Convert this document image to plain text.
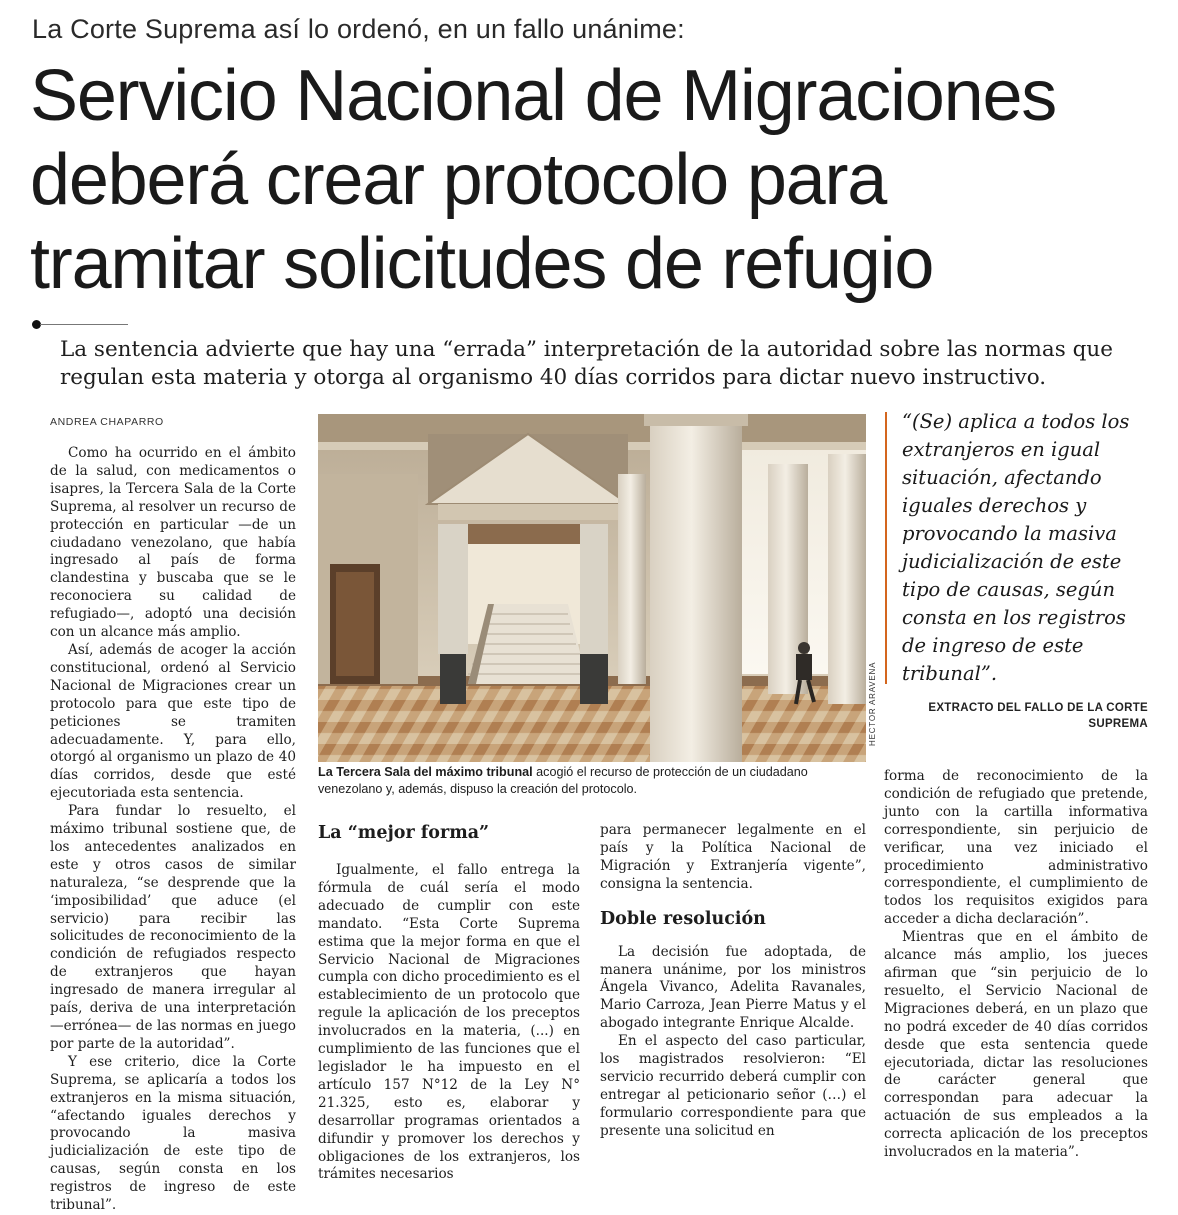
La Corte Suprema así lo ordenó, en un fallo unánime:
Servicio Nacional de Migraciones
deberá crear protocolo para
tramitar solicitudes de refugio
La sentencia advierte que hay una “errada” interpretación de la autoridad sobre las normas que
regulan esta materia y otorga al organismo 40 días corridos para dictar nuevo instructivo.
ANDREA CHAPARRO

Como ha ocurrido en el ámbito de la salud, con medicamentos o isapres, la Tercera Sala de la Corte Suprema, al resolver un recurso de protección en particular —de un ciudadano venezolano, que había ingresado al país de forma clandestina y buscaba que se le reconociera su calidad de refugiado—, adoptó una decisión con un alcance más amplio.

Así, además de acoger la acción constitucional, ordenó al Servicio Nacional de Migraciones crear un protocolo para que este tipo de peticiones se tramiten adecuadamente. Y, para ello, otorgó al organismo un plazo de 40 días corridos, desde que esté ejecutoriada esta sentencia.

Para fundar lo resuelto, el máximo tribunal sostiene que, de los antecedentes analizados en este y otros casos de similar naturaleza, “se desprende que la ‘imposibilidad’ que aduce (el servicio) para recibir las solicitudes de reconocimiento de la condición de refugiados respecto de extranjeros que hayan ingresado de manera irregular al país, deriva de una interpretación —errónea— de las normas en juego por parte de la autoridad”.

Y ese criterio, dice la Corte Suprema, se aplicaría a todos los extranjeros en la misma situación, “afectando iguales derechos y provocando la masiva judicialización de este tipo de causas, según consta en los registros de ingreso de este tribunal”.

HECTOR ARAVENA
La Tercera Sala del máximo tribunal acogió el recurso de protección de un ciudadano venezolano y, además, dispuso la creación del protocolo.
“(Se) aplica a todos los
extranjeros en igual
situación, afectando
iguales derechos y
provocando la masiva
judicialización de este
tipo de causas, según
consta en los registros
de ingreso de este
tribunal”.
EXTRACTO DEL FALLO DE LA CORTE SUPREMA
La “mejor forma”

Igualmente, el fallo entrega la fórmula de cuál sería el modo adecuado de cumplir con este mandato. “Esta Corte Suprema estima que la mejor forma en que el Servicio Nacional de Migraciones cumpla con dicho procedimiento es el establecimiento de un protocolo que regule la aplicación de los preceptos involucrados en la materia, (...) en cumplimiento de las funciones que el legislador le ha impuesto en el artículo 157 N°12 de la Ley N° 21.325, esto es, elaborar y desarrollar programas orientados a difundir y promover los derechos y obligaciones de los extranjeros, los trámites necesarios

para permanecer legalmente en el país y la Política Nacional de Migración y Extranjería vigente”, consigna la sentencia.

Doble resolución

La decisión fue adoptada, de manera unánime, por los ministros Ángela Vivanco, Adelita Ravanales, Mario Carroza, Jean Pierre Matus y el abogado integrante Enrique Alcalde.

En el aspecto del caso particular, los magistrados resolvieron: “El servicio recurrido deberá cumplir con entregar al peticionario señor (…) el formulario correspondiente para que presente una solicitud en

forma de reconocimiento de la condición de refugiado que pretende, junto con la cartilla informativa correspondiente, sin perjuicio de verificar, una vez iniciado el procedimiento administrativo correspondiente, el cumplimiento de todos los requisitos exigidos para acceder a dicha declaración”.

Mientras que en el ámbito de alcance más amplio, los jueces afirman que “sin perjuicio de lo resuelto, el Servicio Nacional de Migraciones deberá, en un plazo que no podrá exceder de 40 días corridos desde que esta sentencia quede ejecutoriada, dictar las resoluciones de carácter general que correspondan para adecuar la actuación de sus empleados a la correcta aplicación de los preceptos involucrados en la materia”.
